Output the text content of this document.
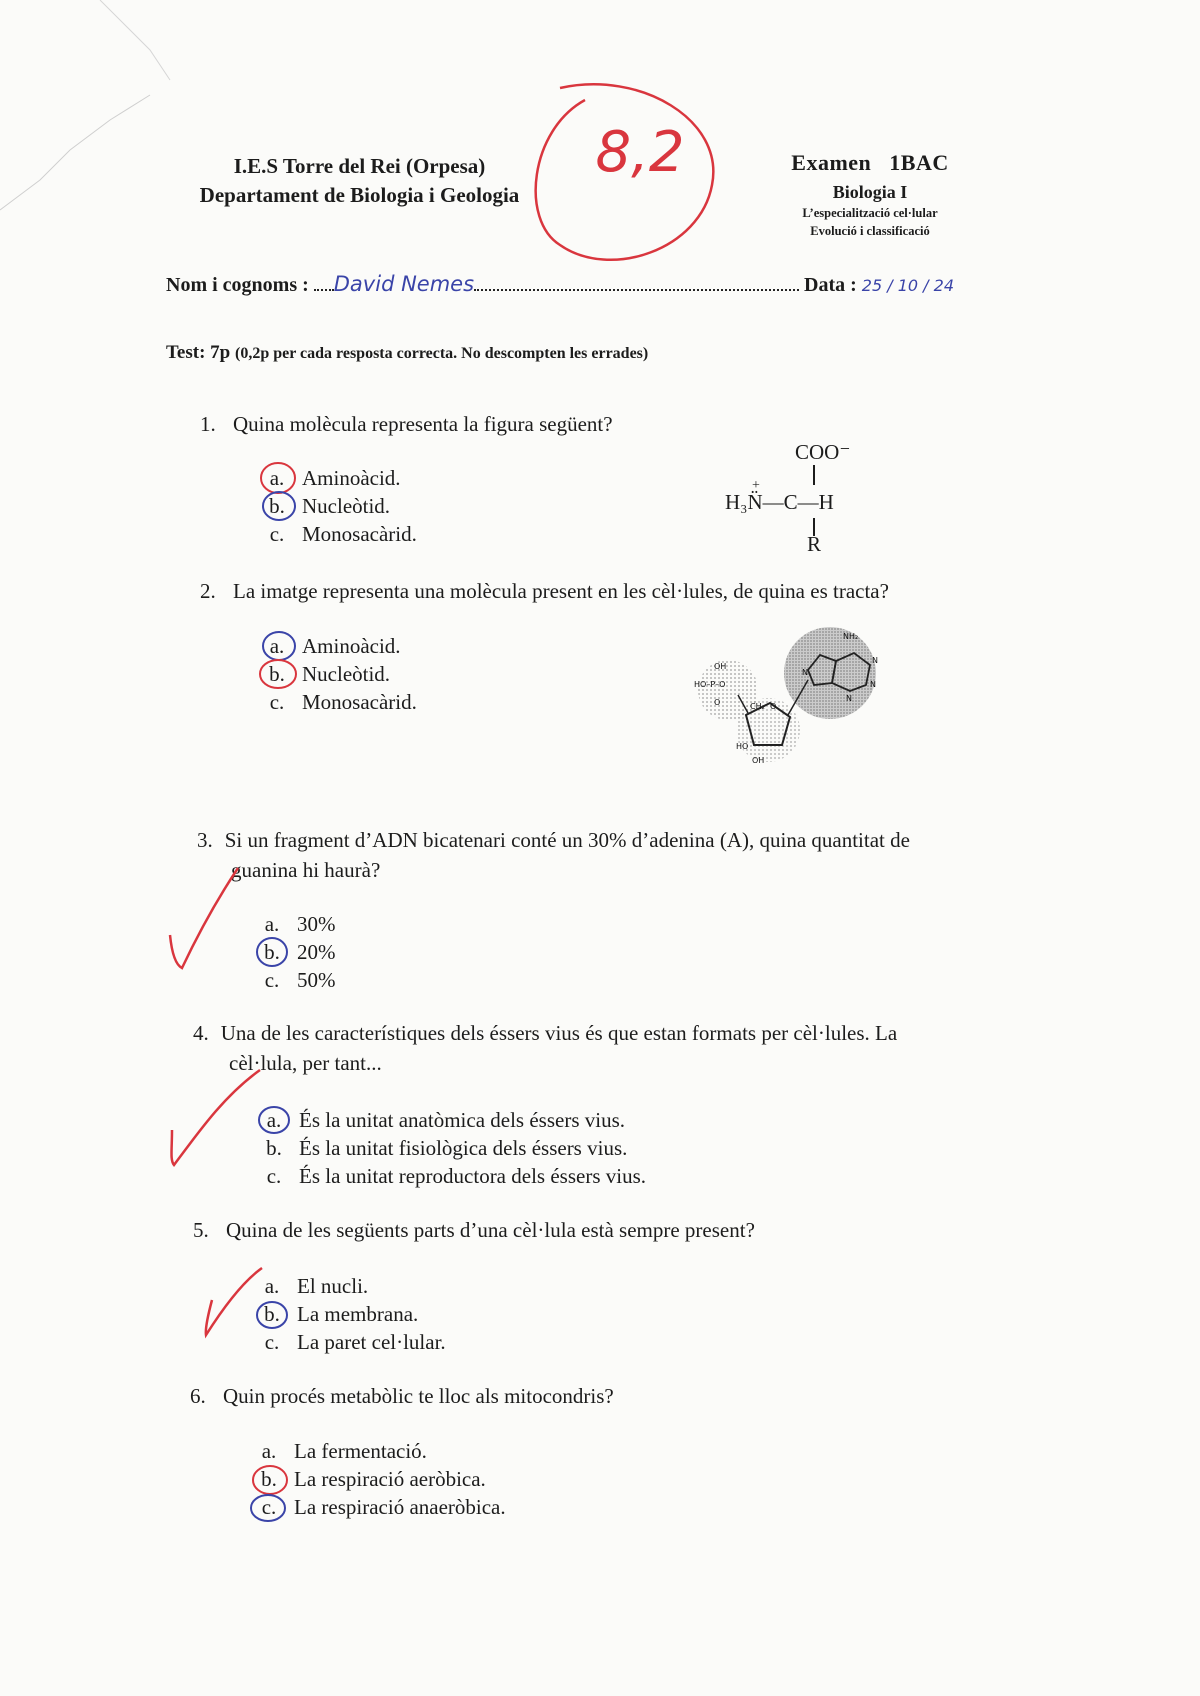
I.E.S Torre del Rei (Orpesa)
Departament de Biologia i Geologia
Examen   1BAC
Biologia I
L’especialització cel·lular
Evolució i classificació
8,2
Nom i cognoms : David Nemes	Data : 25 / 10 / 24
Test: 7p (0,2p per cada resposta correcta. No descompten les errades)
1. Quina molècula representa la figura següent?
a. Aminoàcid.
b. Nucleòtid.
c. Monosacàrid.
COO⁻
+
H₃N̈—C—H
R
2. La imatge representa una molècula present en les cèl·lules, de quina es tracta?
a. Aminoàcid.
b. Nucleòtid.
c. Monosacàrid.
OH
HO–P–O
O	CH₂ O
NH₂
N
N
N
N
HO
OH
3. Si un fragment d’ADN bicatenari conté un 30% d’adenina (A), quina quantitat de
guanina hi haurà?
a. 30%
b. 20%
c. 50%
4. Una de les característiques dels éssers vius és que estan formats per cèl·lules. La
cèl·lula, per tant...
a. És la unitat anatòmica dels éssers vius.
b. És la unitat fisiològica dels éssers vius.
c. És la unitat reproductora dels éssers vius.
5. Quina de les següents parts d’una cèl·lula està sempre present?
a. El nucli.
b. La membrana.
c. La paret cel·lular.
6. Quin procés metabòlic te lloc als mitocondris?
a. La fermentació.
b. La respiració aeròbica.
c. La respiració anaeròbica.
